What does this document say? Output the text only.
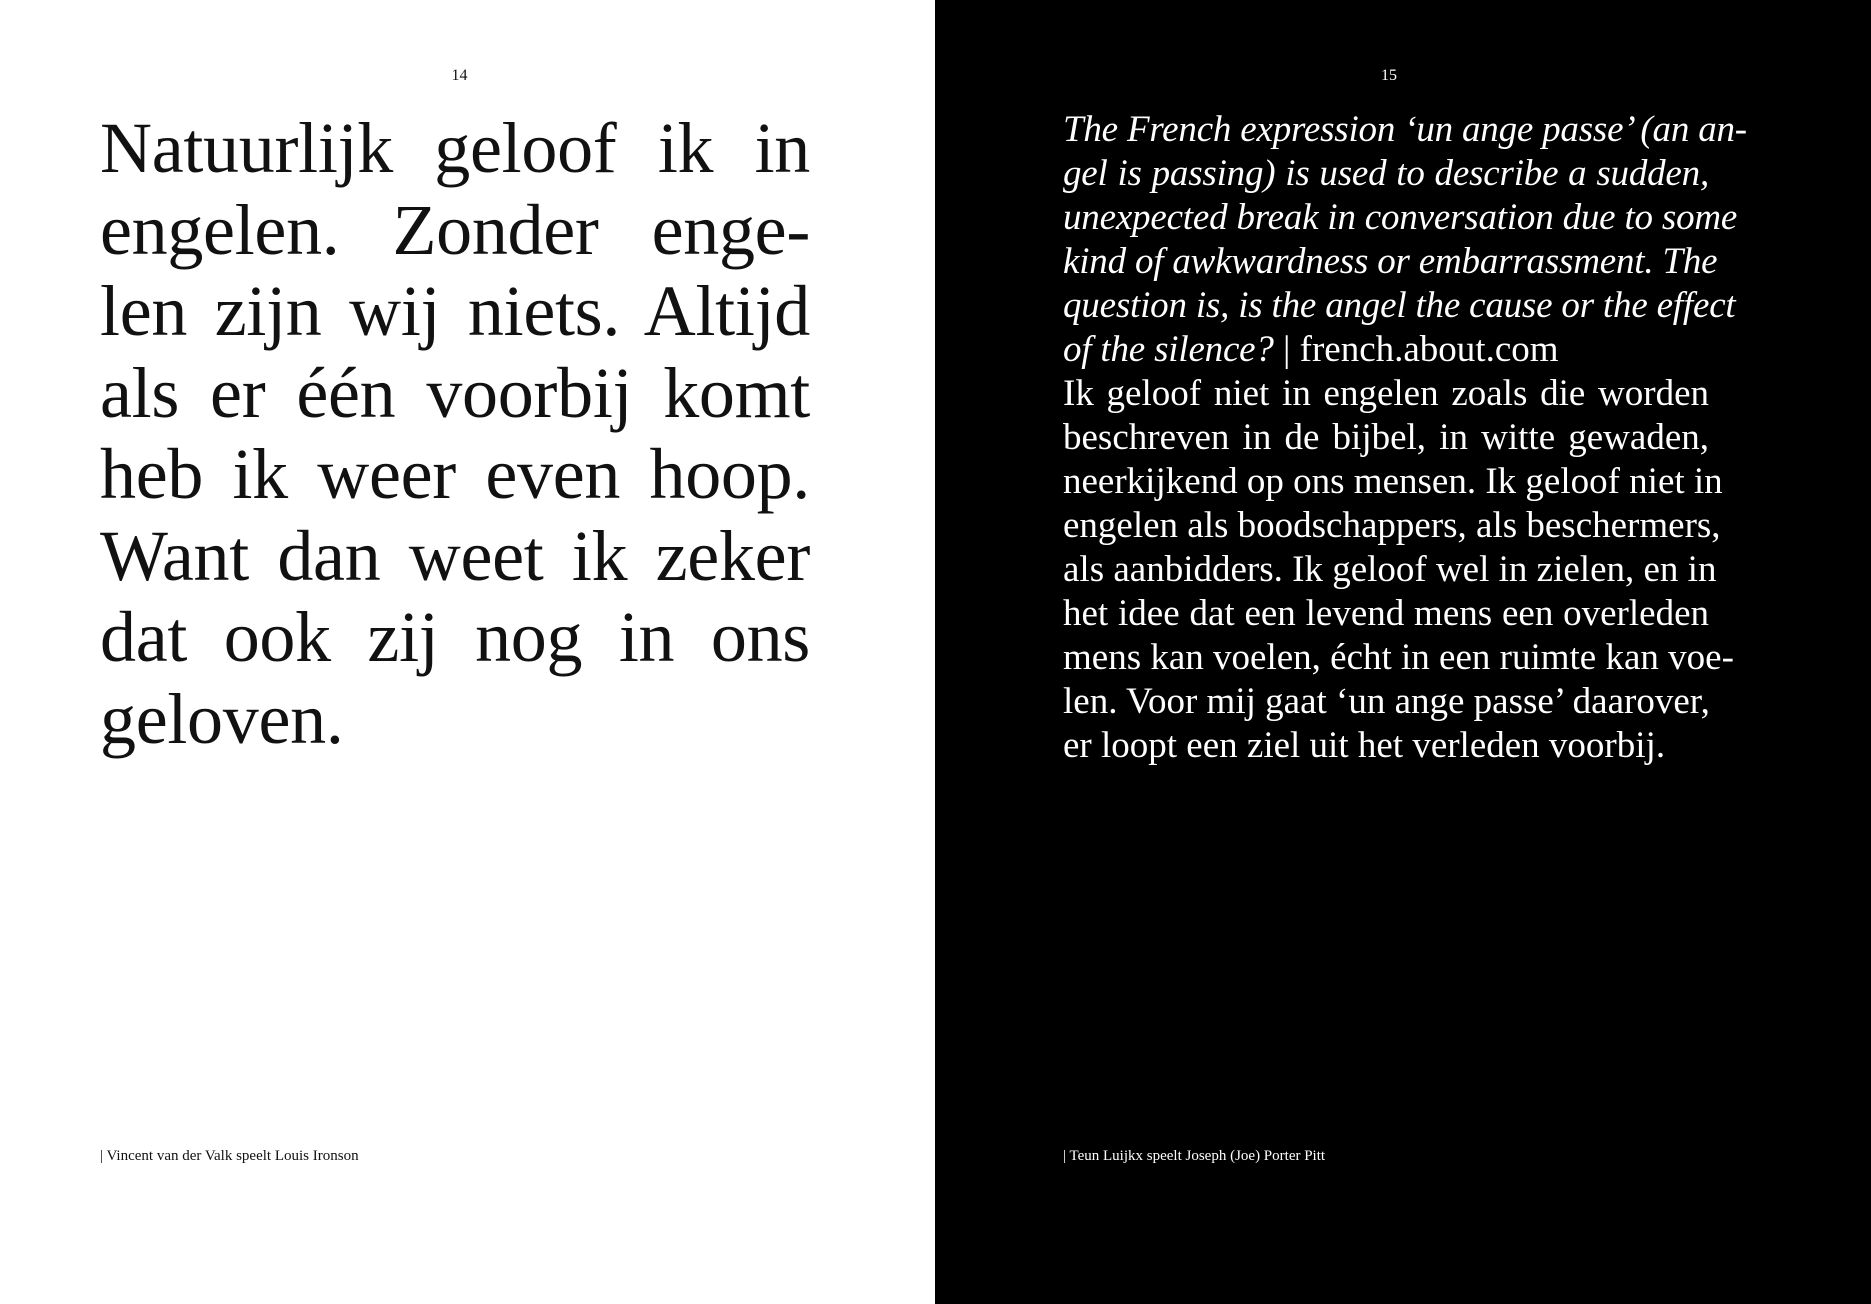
14

Natuurlijk geloof ik in
engelen. Zonder enge-
len zijn wij niets. Altijd
als er één voorbij komt
heb ik weer even hoop.
Want dan weet ik zeker
dat ook zij nog in ons
geloven.

| Vincent van der Valk speelt Louis Ironson
15
The French expression ‘un ange passe’ (an an-
gel is passing) is used to describe a sudden,
unexpected break in conversation due to some
kind of awkwardness or embarrassment. The
question is, is the angel the cause or the effect
of the silence? | french.about.com
Ik geloof niet in engelen zoals die worden
beschreven in de bijbel, in witte gewaden,
neerkijkend op ons mensen. Ik geloof niet in
engelen als boodschappers, als beschermers,
als aanbidders. Ik geloof wel in zielen, en in
het idee dat een levend mens een overleden
mens kan voelen, écht in een ruimte kan voe-
len. Voor mij gaat ‘un ange passe’ daarover,
er loopt een ziel uit het verleden voorbij.
| Teun Luijkx speelt Joseph (Joe) Porter Pitt
